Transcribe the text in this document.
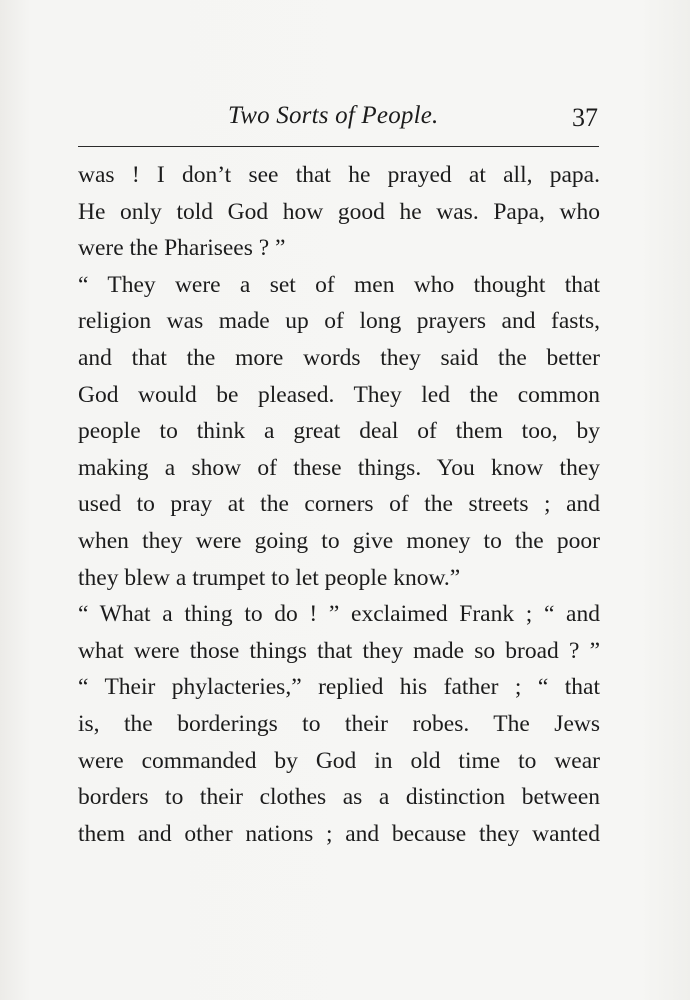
Two Sorts of People.	37
was ! I don’t see that he prayed at all, papa.
He only told God how good he was. Papa, who
were the Pharisees ? ”
“ They were a set of men who thought that
religion was made up of long prayers and fasts,
and that the more words they said the better
God would be pleased. They led the common
people to think a great deal of them too, by
making a show of these things. You know they
used to pray at the corners of the streets ; and
when they were going to give money to the poor
they blew a trumpet to let people know.”
“ What a thing to do ! ” exclaimed Frank ; “ and
what were those things that they made so broad ? ”
“ Their phylacteries,” replied his father ; “ that
is, the borderings to their robes. The Jews
were commanded by God in old time to wear
borders to their clothes as a distinction between
them and other nations ; and because they wanted
